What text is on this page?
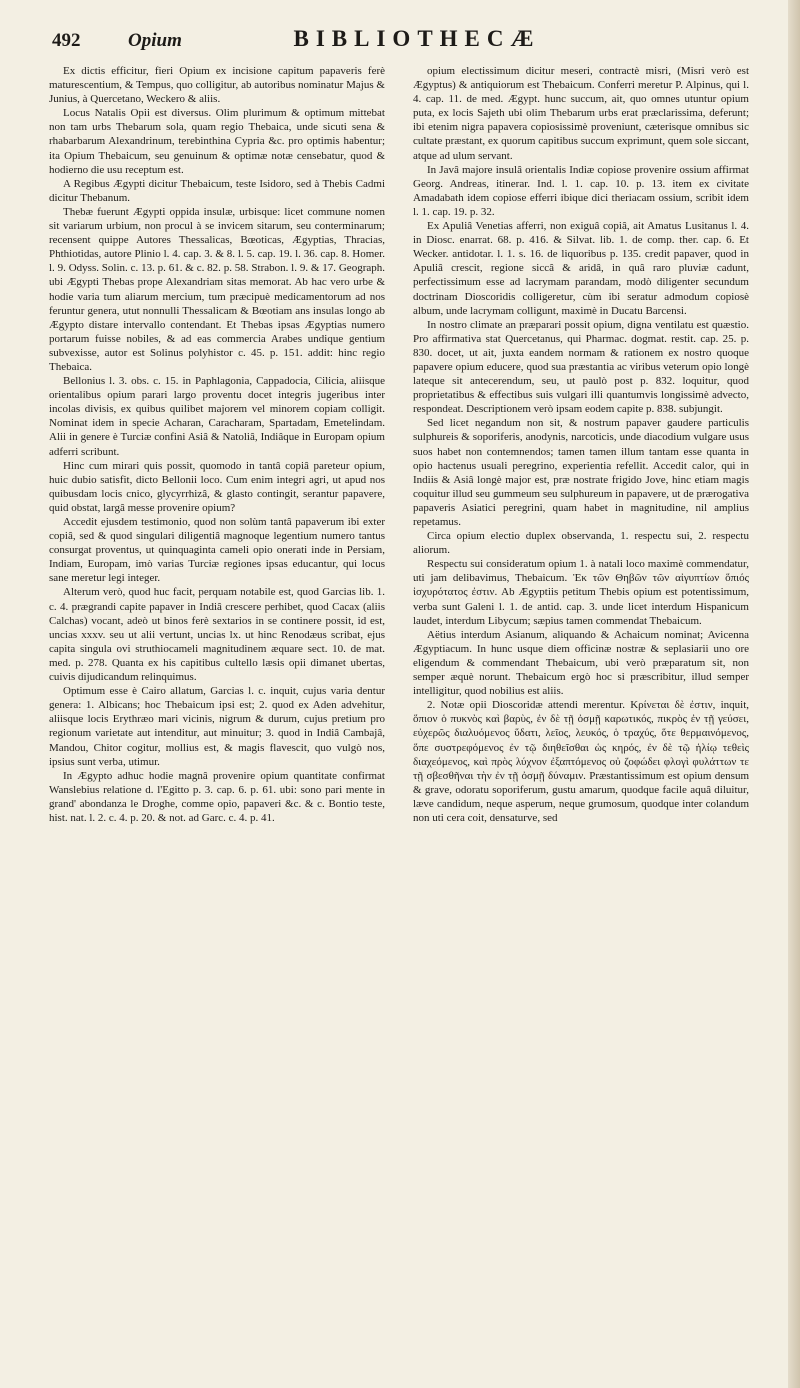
492	Opium	BIBLIOTHECÆ

Ex dictis efficitur, fieri Opium ex incisione capitum papaveris ferè maturescentium, & Tempus, quo colligitur, ab autoribus nominatur Majus & Junius, à Quercetano, Weckero & aliis.

Locus Natalis Opii est diversus. Olim plurimum & optimum mittebat non tam urbs Thebarum sola, quam regio Thebaica, unde sicuti sena & rhabarbarum Alexandrinum, terebinthina Cypria &c. pro optimis habentur; ita Opium Thebaicum, seu genuinum & optimæ notæ censebatur, quod & hodierno die usu receptum est.

A Regibus Ægypti dicitur Thebaicum, teste Isidoro, sed à Thebis Cadmi dicitur Thebanum.

Thebæ fuerunt Ægypti oppida insulæ, urbisque: licet commune nomen sit variarum urbium, non procul à se invicem sitarum, seu conterminarum; recensent quippe Autores Thessalicas, Bœoticas, Ægyptias, Thracias, Phthiotidas, autore Plinio l. 4. cap. 3. & 8. l. 5. cap. 19. l. 36. cap. 8. Homer. l. 9. Odyss. Solin. c. 13. p. 61. & c. 82. p. 58. Strabon. l. 9. & 17. Geograph. ubi Ægypti Thebas prope Alexandriam sitas memorat. Ab hac vero urbe & hodie varia tum aliarum mercium, tum præcipuè medicamentorum ad nos feruntur genera, utut nonnulli Thessalicam & Bœotiam ans insulas longo ab Ægypto distare intervallo contendant. Et Thebas ipsas Ægyptias numero portarum fuisse nobiles, & ad eas commercia Arabes undique gentium subvexisse, autor est Solinus polyhistor c. 45. p. 151. addit: hinc regio Thebaica.

Bellonius l. 3. obs. c. 15. in Paphlagonia, Cappadocia, Cilicia, aliisque orientalibus opium parari largo proventu docet integris jugeribus inter incolas divisis, ex quibus quilibet majorem vel minorem copiam colligit. Nominat idem in specie Acharan, Caracharam, Spartadam, Emetelindam. Alii in genere è Turciæ confini Asiâ & Natoliâ, Indiâque in Europam opium adferri scribunt.

Hinc cum mirari quis possit, quomodo in tantâ copiâ pareteur opium, huic dubio satisfit, dicto Bellonii loco. Cum enim integri agri, ut apud nos quibusdam locis cnico, glycyrrhizâ, & glasto contingit, serantur papavere, quid obstat, largâ messe provenire opium?

Accedit ejusdem testimonio, quod non solùm tantâ papaverum ibi exter copiâ, sed & quod singulari diligentiâ magnoque legentium numero tantus consurgat proventus, ut quinquaginta cameli opio onerati inde in Persiam, Indiam, Europam, imò varias Turciæ regiones ipsas educantur, qui locus sane meretur legi integer.

Alterum verò, quod huc facit, perquam notabile est, quod Garcias lib. 1. c. 4. prægrandi capite papaver in Indiâ crescere perhibet, quod Cacax (aliis Calchas) vocant, adeò ut binos ferè sextarios in se continere possit, id est, uncias xxxv. seu ut alii vertunt, uncias lx. ut hinc Renodæus scribat, ejus capita singula ovi struthiocameli magnitudinem æquare sect. 10. de mat. med. p. 278. Quanta ex his capitibus cultello læsis opii dimanet ubertas, cuivis dijudicandum relinquimus.

Optimum esse è Cairo allatum, Garcias l. c. inquit, cujus varia dentur genera: 1. Albicans; hoc Thebaicum ipsi est; 2. quod ex Aden advehitur, aliisque locis Erythræo mari vicinis, nigrum & durum, cujus pretium pro regionum varietate aut intenditur, aut minuitur; 3. quod in Indiâ Cambajâ, Mandou, Chitor cogitur, mollius est, & magis flavescit, quo vulgò nos, ipsius sunt verba, utimur.

In Ægypto adhuc hodie magnâ provenire opium quantitate confirmat Wanslebius relatione d. l'Egitto p. 3. cap. 6. p. 61. ubi: sono pari mente in grand' abondanza le Droghe, comme opio, papaveri &c. & c. Bontio teste, hist. nat. l. 2. c. 4. p. 20. & not. ad Garc. c. 4. p. 41.

opium electissimum dicitur meseri, contractè misri, (Misri verò est Ægyptus) & antiquiorum est Thebaicum. Conferri meretur P. Alpinus, qui l. 4. cap. 11. de med. Ægypt. hunc succum, ait, quo omnes utuntur opium puta, ex locis Sajeth ubi olim Thebarum urbs erat præclarissima, deferunt; ibi etenim nigra papavera copiosissimè proveniunt, cæterisque omnibus sic cultate præstant, ex quorum capitibus succum exprimunt, quem sole siccant, atque ad ulum servant.

In Javâ majore insulâ orientalis Indiæ copiose provenire ossium affirmat Georg. Andreas, itinerar. Ind. l. 1. cap. 10. p. 13. item ex civitate Amadabath idem copiose efferri ibique dici theriacam ossium, scribit idem l. 1. cap. 19. p. 32.

Ex Apuliâ Venetias afferri, non exiguâ copiâ, ait Amatus Lusitanus l. 4. in Diosc. enarrat. 68. p. 416. & Silvat. lib. 1. de comp. ther. cap. 6. Et Wecker. antidotar. l. 1. s. 16. de liquoribus p. 135. credit papaver, quod in Apuliâ crescit, regione siccâ & aridâ, in quâ raro pluviæ cadunt, perfectissimum esse ad lacrymam parandam, modò diligenter secundum doctrinam Dioscoridis colligeretur, cùm ibi seratur admodum copiosè album, unde lacrymam colligunt, maximè in Ducatu Barcensi.

In nostro climate an præparari possit opium, digna ventilatu est quæstio. Pro affirmativa stat Quercetanus, qui Pharmac. dogmat. restit. cap. 25. p. 830. docet, ut ait, juxta eandem normam & rationem ex nostro quoque papavere opium educere, quod sua præstantia ac viribus veterum opio longè lateque sit antecerendum, seu, ut paulò post p. 832. loquitur, quod proprietatibus & effectibus suis vulgari illi quantumvis longissimè advecto, respondeat. Descriptionem verò ipsam eodem capite p. 838. subjungit.

Sed licet negandum non sit, & nostrum papaver gaudere particulis sulphureis & soporiferis, anodynis, narcoticis, unde diacodium vulgare usus suos habet non contemnendos; tamen tamen illum tantam esse quanta in opio hactenus usuali peregrino, experientia refellit. Accedit calor, qui in Indiis & Asiâ longè major est, præ nostrate frigido Jove, hinc etiam magis coquitur illud seu gummeum seu sulphureum in papavere, ut de prærogativa papaveris Asiatici peregrini, quam habet in magnitudine, nil amplius repetamus.

Circa opium electio duplex observanda, 1. respectu sui, 2. respectu aliorum.

Respectu sui consideratum opium 1. à natali loco maximè commendatur, uti jam delibavimus, Thebaicum. Ἐκ τῶν Θηβῶν τῶν αἰγυπτίων ὅπιός ἰσχυρότατος ἐστιν. Ab Ægyptiis petitum Thebis opium est potentissimum, verba sunt Galeni l. 1. de antid. cap. 3. unde licet interdum Hispanicum laudet, interdum Libycum; sæpius tamen commendat Thebaicum.

Aëtius interdum Asianum, aliquando & Achaicum nominat; Avicenna Ægyptiacum. In hunc usque diem officinæ nostræ & seplasiarii uno ore eligendum & commendant Thebaicum, ubi verò præparatum sit, non semper æquè norunt. Thebaicum ergò hoc si præscribitur, illud semper intelligitur, quod nobilius est aliis.

2. Notæ opii Dioscoridæ attendi merentur. Κρίνεται δὲ ἐστιν, inquit, ὅπιον ὁ πυκνὸς καὶ βαρὺς, ἐν δὲ τῇ ὀσμῇ καρωτικός, πικρὸς ἐν τῇ γεύσει, εὐχερῶς διαλυόμενος ὕδατι, λεῖος, λευκός, ὁ τραχύς, ὅτε θερμαινόμενος, ὅπε συστρεφόμενος ἐν τῷ διηθεῖσθαι ὡς κηρός, ἐν δὲ τῷ ἡλίῳ τεθεὶς διαχεόμενος, καὶ πρὸς λύχνον ἐξαπτόμενος οὐ ζοφώδει φλογὶ φυλάττων τε τῇ σβεσθῆναι τὴν ἐν τῇ ὀσμῇ δύναμιν. Præstantissimum est opium densum & grave, odoratu soporiferum, gustu amarum, quodque facile aquâ diluitur, læve candidum, neque asperum, neque grumosum, quodque inter colandum non uti cera coit, densaturve, sed
